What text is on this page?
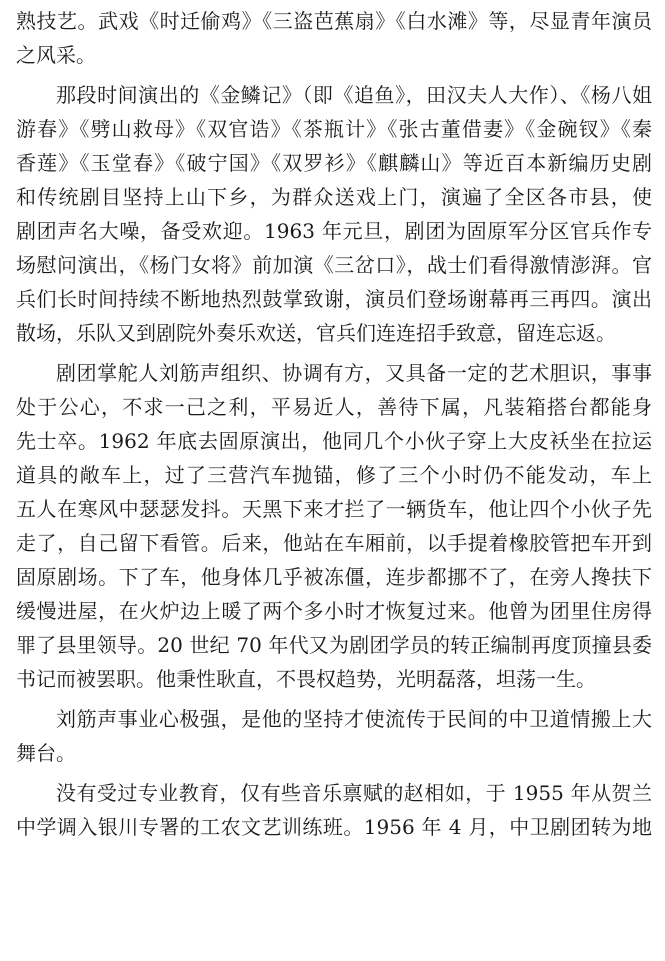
熟技艺。武戏《时迁偷鸡》《三盗芭蕉扇》《白水滩》等，尽显青年演员
之风采。
那段时间演出的《金鳞记》（即《追鱼》，田汉夫人大作）、《杨八姐
游春》《劈山救母》《双官诰》《茶瓶计》《张古董借妻》《金碗钗》《秦
香莲》《玉堂春》《破宁国》《双罗衫》《麒麟山》等近百本新编历史剧
和传统剧目坚持上山下乡，为群众送戏上门，演遍了全区各市县，使
剧团声名大噪，备受欢迎。1963 年元旦，剧团为固原军分区官兵作专
场慰问演出，《杨门女将》前加演《三岔口》，战士们看得激情澎湃。官
兵们长时间持续不断地热烈鼓掌致谢，演员们登场谢幕再三再四。演出
散场，乐队又到剧院外奏乐欢送，官兵们连连招手致意，留连忘返。
剧团掌舵人刘筋声组织、协调有方，又具备一定的艺术胆识，事事
处于公心，不求一己之利，平易近人，善待下属，凡装箱搭台都能身
先士卒。1962 年底去固原演出，他同几个小伙子穿上大皮袄坐在拉运
道具的敞车上，过了三营汽车抛锚，修了三个小时仍不能发动，车上
五人在寒风中瑟瑟发抖。天黑下来才拦了一辆货车，他让四个小伙子先
走了，自己留下看管。后来，他站在车厢前，以手提着橡胶管把车开到
固原剧场。下了车，他身体几乎被冻僵，连步都挪不了，在旁人搀扶下
缓慢进屋，在火炉边上暖了两个多小时才恢复过来。他曾为团里住房得
罪了县里领导。20 世纪 70 年代又为剧团学员的转正编制再度顶撞县委
书记而被罢职。他秉性耿直，不畏权趋势，光明磊落，坦荡一生。
刘筋声事业心极强，是他的坚持才使流传于民间的中卫道情搬上大
舞台。
没有受过专业教育，仅有些音乐禀赋的赵相如，于 1955 年从贺兰
中学调入银川专署的工农文艺训练班。1956 年 4 月，中卫剧团转为地
